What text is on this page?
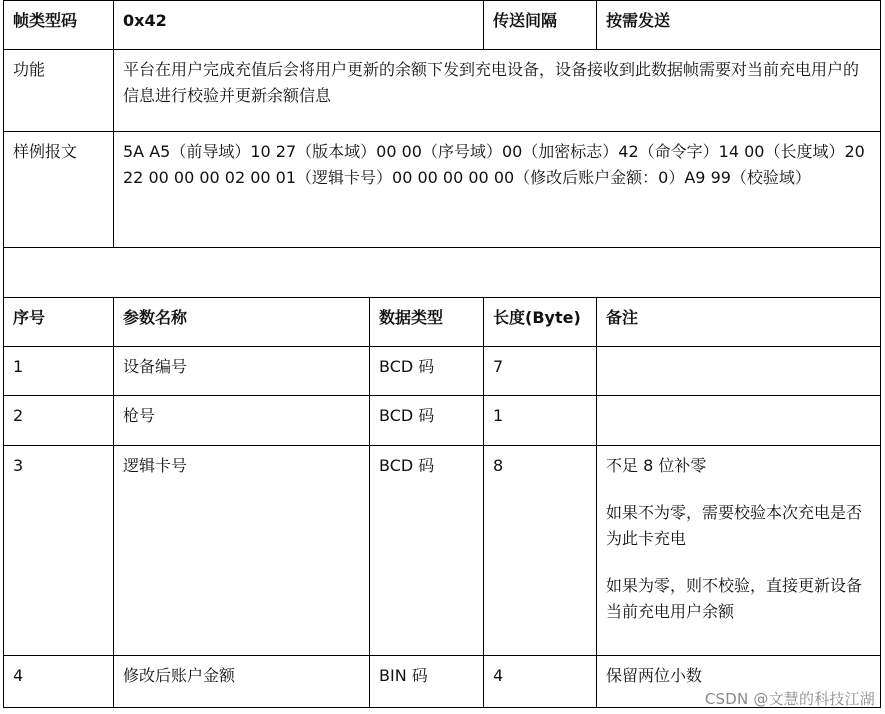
帧类型码	0x42		传送间隔	按需发送
功能	平台在用户完成充值后会将用户更新的余额下发到充电设备，设备接收到此数据帧需要对当前充电用户的信息进行校验并更新余额信息			
样例报文	5A A5（前导域）10 27（版本域）00 00（序号域）00（加密标志）42（命令字）14 00（长度域）20 22 00 00 00 02 00 01（逻辑卡号）00 00 00 00 00（修改后账户金额：0）A9 99（校验域）			

序号	参数名称	数据类型	长度(Byte)	备注
1	设备编号	BCD 码	7	
2	枪号	BCD 码	1	
3	逻辑卡号	BCD 码	8	不足 8 位补零
如果不为零，需要校验本次充电是否为此卡充电
如果为零，则不校验，直接更新设备当前充电用户余额

4	修改后账户金额	BIN 码	4	保留两位小数
CSDN @文慧的科技江湖
